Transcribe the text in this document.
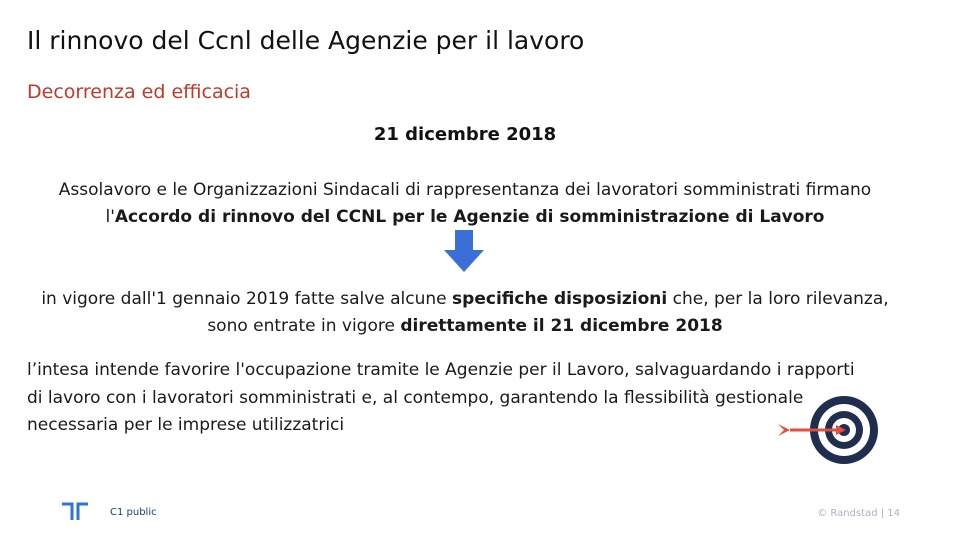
Il rinnovo del Ccnl delle Agenzie per il lavoro
Decorrenza ed efficacia
21 dicembre 2018
Assolavoro e le Organizzazioni Sindacali di rappresentanza dei lavoratori somministrati firmano
l'Accordo di rinnovo del CCNL per le Agenzie di somministrazione di Lavoro
in vigore dall'1 gennaio 2019 fatte salve alcune specifiche disposizioni che, per la loro rilevanza,
sono entrate in vigore direttamente il 21 dicembre 2018
l’intesa intende favorire l'occupazione tramite le Agenzie per il Lavoro, salvaguardando i rapporti
di lavoro con i lavoratori somministrati e, al contempo, garantendo la flessibilità gestionale
necessaria per le imprese utilizzatrici
C1 public	© Randstad | 14
